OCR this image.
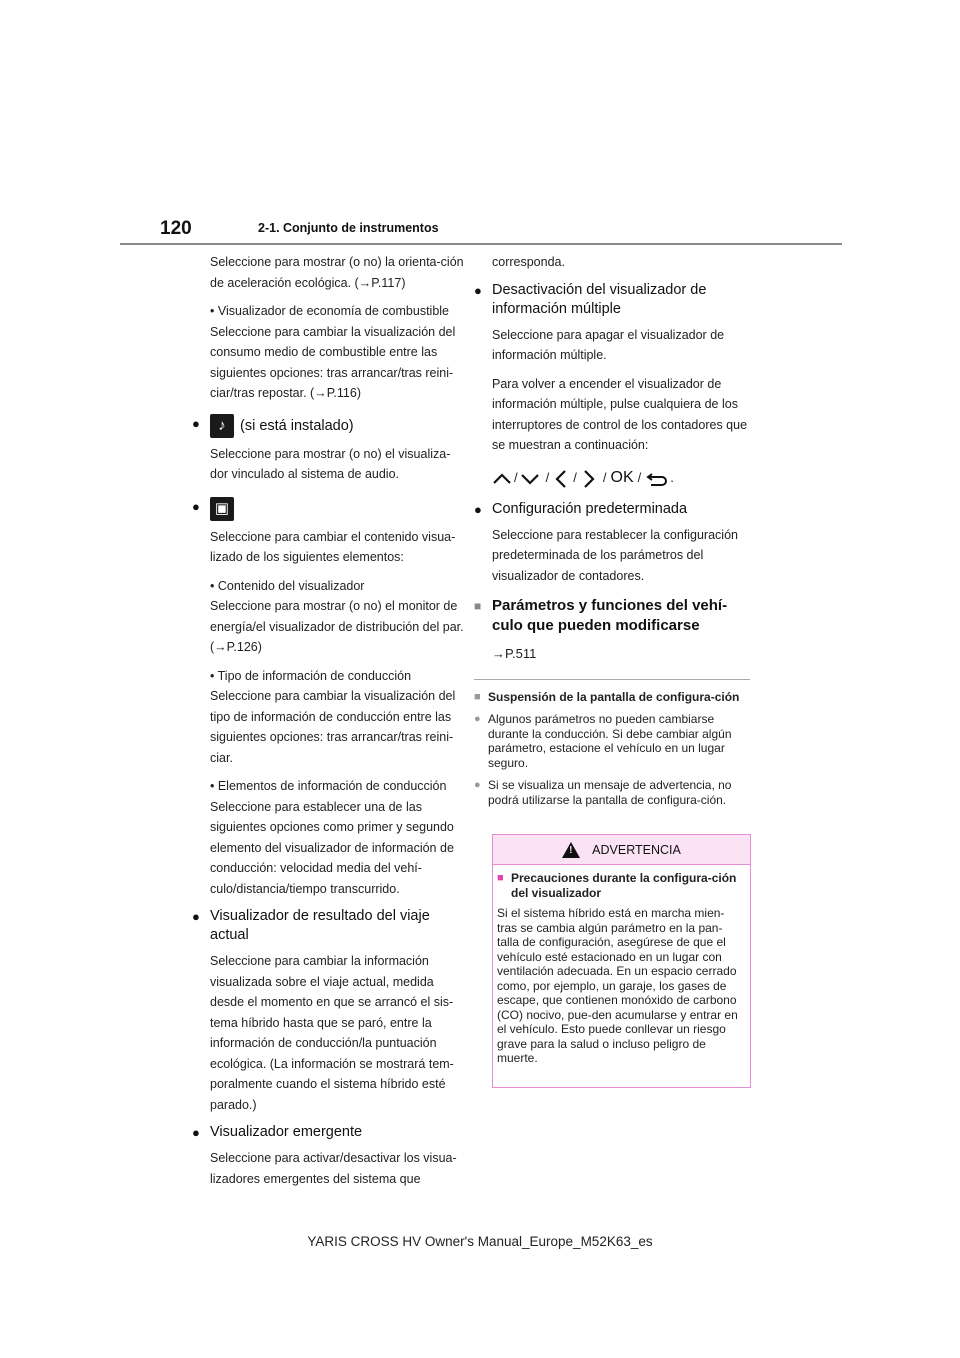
120	2-1. Conjunto de instrumentos
Seleccione para mostrar (o no) la orienta-ción de aceleración ecológica. (→P.117)
• Visualizador de economía de combustible
Seleccione para cambiar la visualización del consumo medio de combustible entre las siguientes opciones: tras arrancar/tras reini-ciar/tras repostar. (→P.116)
●	♪ (si está instalado)
Seleccione para mostrar (o no) el visualiza-dor vinculado al sistema de audio.
●	▣
Seleccione para cambiar el contenido visua-lizado de los siguientes elementos:
• Contenido del visualizador
Seleccione para mostrar (o no) el monitor de energía/el visualizador de distribución del par. (→P.126)
• Tipo de información de conducción
Seleccione para cambiar la visualización del tipo de información de conducción entre las siguientes opciones: tras arrancar/tras reini-ciar.
• Elementos de información de conducción
Seleccione para establecer una de las siguientes opciones como primer y segundo elemento del visualizador de información de conducción: velocidad media del vehí-culo/distancia/tiempo transcurrido.
● Visualizador de resultado del viaje actual
Seleccione para cambiar la información visualizada sobre el viaje actual, medida desde el momento en que se arrancó el sis-tema híbrido hasta que se paró, entre la información de conducción/la puntuación ecológica. (La información se mostrará tem-poralmente cuando el sistema híbrido esté parado.)
● Visualizador emergente
Seleccione para activar/desactivar los visua-lizadores emergentes del sistema que
corresponda.
● Desactivación del visualizador de información múltiple
Seleccione para apagar el visualizador de información múltiple.
Para volver a encender el visualizador de información múltiple, pulse cualquiera de los interruptores de control de los contadores que se muestran a continuación:
/ / / / OK / .
● Configuración predeterminada
Seleccione para restablecer la configuración predeterminada de los parámetros del visualizador de contadores.
■ Parámetros y funciones del vehí-culo que pueden modificarse
→P.511
■ Suspensión de la pantalla de configura-ción
● Algunos parámetros no pueden cambiarse durante la conducción. Si debe cambiar algún parámetro, estacione el vehículo en un lugar seguro.
● Si se visualiza un mensaje de advertencia, no podrá utilizarse la pantalla de configura-ción.
! ADVERTENCIA
■ Precauciones durante la configura-ción del visualizador
Si el sistema híbrido está en marcha mien-tras se cambia algún parámetro en la pan-talla de configuración, asegúrese de que el vehículo esté estacionado en un lugar con ventilación adecuada. En un espacio cerrado como, por ejemplo, un garaje, los gases de escape, que contienen monóxido de carbono (CO) nocivo, pue-den acumularse y entrar en el vehículo. Esto puede conllevar un riesgo grave para la salud o incluso peligro de muerte.
YARIS CROSS HV Owner's Manual_Europe_M52K63_es
